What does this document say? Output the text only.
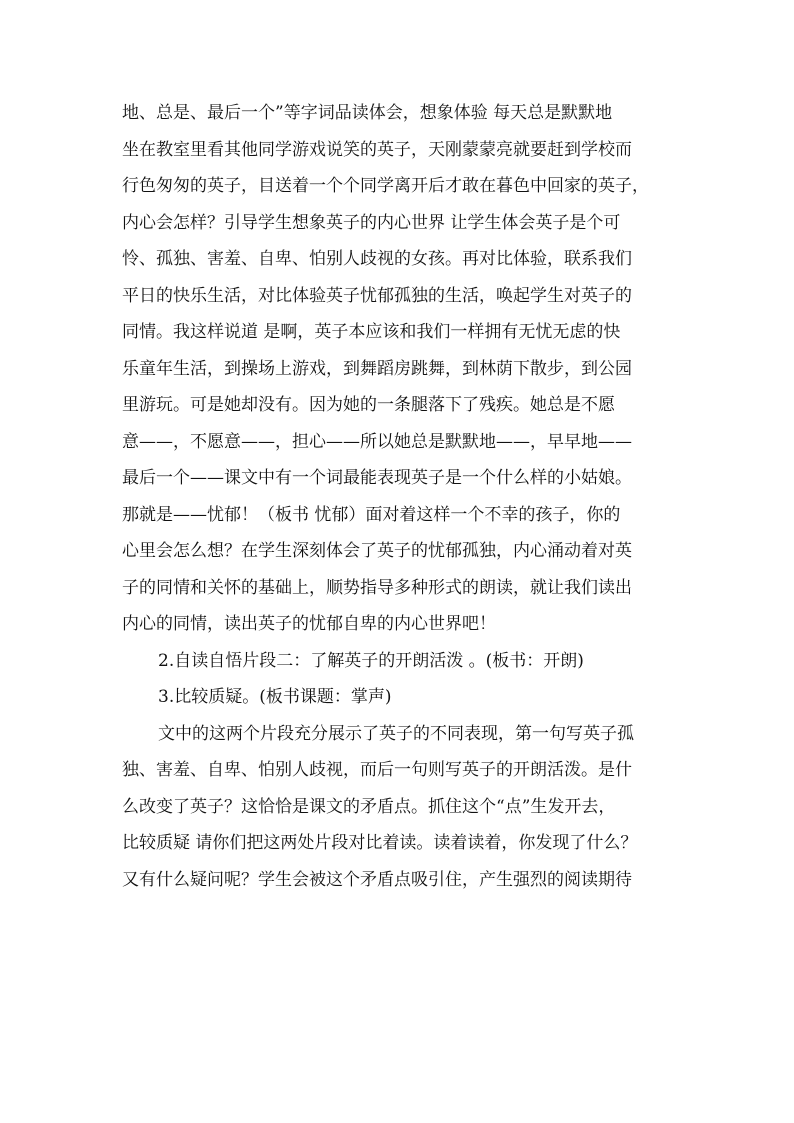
地、总是、最后一个”等字词品读体会，想象体验 每天总是默默地
坐在教室里看其他同学游戏说笑的英子，天刚蒙蒙亮就要赶到学校而
行色匆匆的英子，目送着一个个同学离开后才敢在暮色中回家的英子，
内心会怎样？引导学生想象英子的内心世界 让学生体会英子是个可
怜、孤独、害羞、自卑、怕别人歧视的女孩。再对比体验，联系我们
平日的快乐生活，对比体验英子忧郁孤独的生活，唤起学生对英子的
同情。我这样说道 是啊，英子本应该和我们一样拥有无忧无虑的快
乐童年生活，到操场上游戏，到舞蹈房跳舞，到林荫下散步，到公园
里游玩。可是她却没有。因为她的一条腿落下了残疾。她总是不愿
意——，不愿意——，担心——所以她总是默默地——，早早地——
最后一个——课文中有一个词最能表现英子是一个什么样的小姑娘。
那就是——忧郁！（板书 忧郁）面对着这样一个不幸的孩子，你的
心里会怎么想？在学生深刻体会了英子的忧郁孤独，内心涌动着对英
子的同情和关怀的基础上，顺势指导多种形式的朗读，就让我们读出
内心的同情，读出英子的忧郁自卑的内心世界吧！
2.自读自悟片段二：了解英子的开朗活泼 。(板书：开朗)
3.比较质疑。(板书课题：掌声)
文中的这两个片段充分展示了英子的不同表现，第一句写英子孤
独、害羞、自卑、怕别人歧视，而后一句则写英子的开朗活泼。是什
么改变了英子？这恰恰是课文的矛盾点。抓住这个“点”生发开去，
比较质疑 请你们把这两处片段对比着读。读着读着，你发现了什么？
又有什么疑问呢？学生会被这个矛盾点吸引住，产生强烈的阅读期待
